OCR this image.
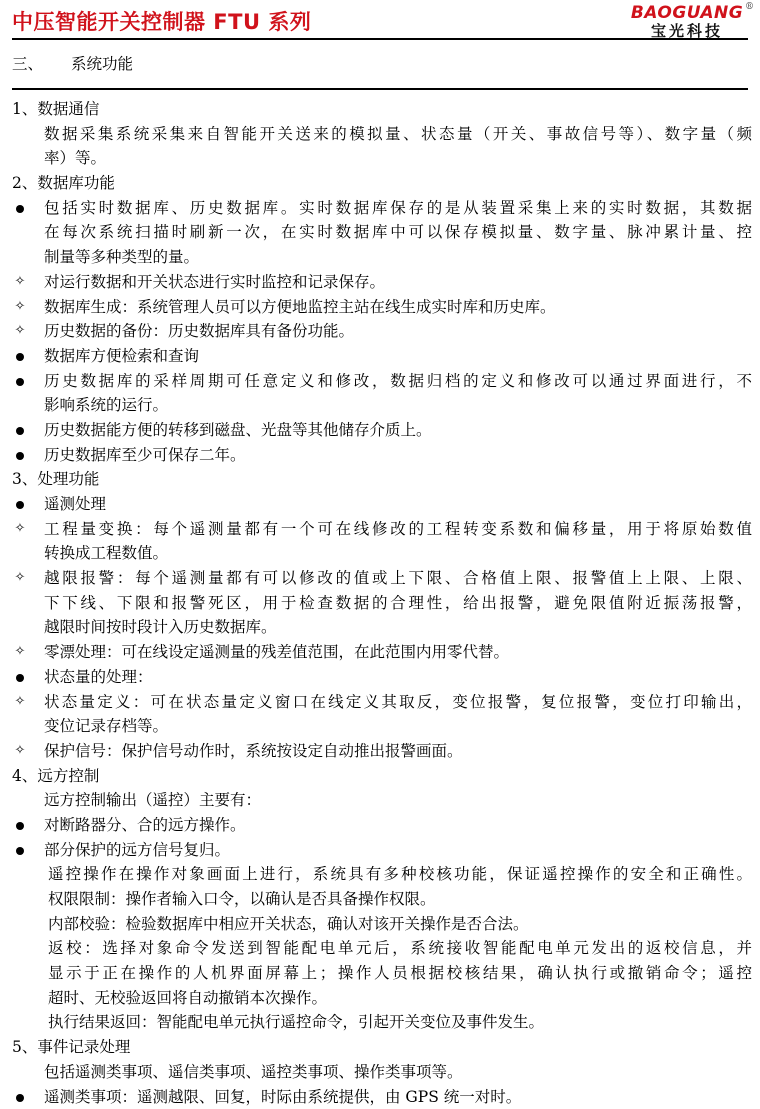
中压智能开关控制器 FTU 系列	BAOGUANG ®
宝光科技
三、 系统功能
1、数据通信
数据采集系统采集来自智能开关送来的模拟量、状态量（开关、事故信号等）、数字量（频
率）等。
2、数据库功能
包括实时数据库、历史数据库。实时数据库保存的是从装置采集上来的实时数据，其数据
在每次系统扫描时刷新一次，在实时数据库中可以保存模拟量、数字量、脉冲累计量、控
制量等多种类型的量。
✧ 对运行数据和开关状态进行实时监控和记录保存。
✧ 数据库生成：系统管理人员可以方便地监控主站在线生成实时库和历史库。
✧ 历史数据的备份：历史数据库具有备份功能。
数据库方便检索和查询
历史数据库的采样周期可任意定义和修改，数据归档的定义和修改可以通过界面进行，不
影响系统的运行。
历史数据能方便的转移到磁盘、光盘等其他储存介质上。
历史数据库至少可保存二年。
3、处理功能
遥测处理
✧ 工程量变换：每个遥测量都有一个可在线修改的工程转变系数和偏移量，用于将原始数值
转换成工程数值。
✧ 越限报警：每个遥测量都有可以修改的值或上下限、合格值上限、报警值上上限、上限、
下下线、下限和报警死区，用于检查数据的合理性，给出报警，避免限值附近振荡报警，
越限时间按时段计入历史数据库。
✧ 零漂处理：可在线设定遥测量的残差值范围，在此范围内用零代替。
状态量的处理：
✧ 状态量定义：可在状态量定义窗口在线定义其取反，变位报警，复位报警，变位打印输出，
变位记录存档等。
✧ 保护信号：保护信号动作时，系统按设定自动推出报警画面。
4、远方控制
远方控制输出（遥控）主要有：
对断路器分、合的远方操作。
部分保护的远方信号复归。
遥控操作在操作对象画面上进行，系统具有多种校核功能，保证遥控操作的安全和正确性。
权限限制：操作者输入口令，以确认是否具备操作权限。
内部校验：检验数据库中相应开关状态，确认对该开关操作是否合法。
返校：选择对象命令发送到智能配电单元后，系统接收智能配电单元发出的返校信息，并
显示于正在操作的人机界面屏幕上；操作人员根据校核结果，确认执行或撤销命令；遥控
超时、无校验返回将自动撤销本次操作。
执行结果返回：智能配电单元执行遥控命令，引起开关变位及事件发生。
5、事件记录处理
包括遥测类事项、遥信类事项、遥控类事项、操作类事项等。
遥测类事项：遥测越限、回复，时际由系统提供，由 GPS 统一对时。
